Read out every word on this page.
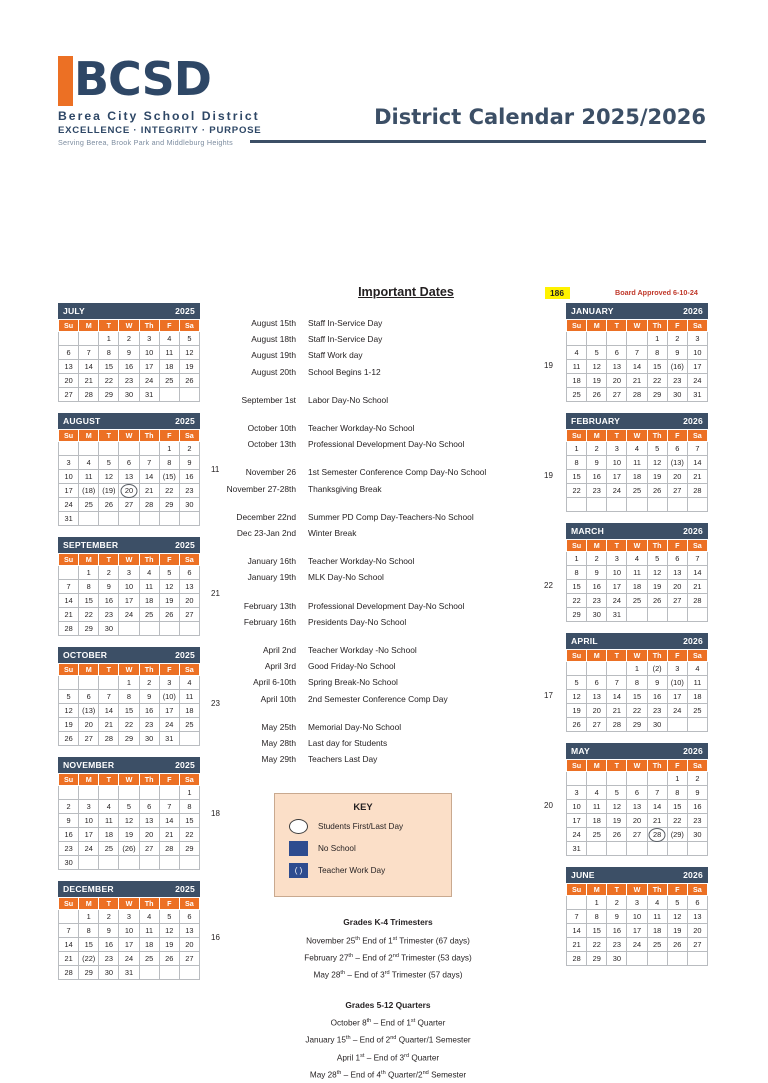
BCSD
Berea City School District
EXCELLENCE · INTEGRITY · PURPOSE
Serving Berea, Brook Park and Middleburg Heights
District Calendar 2025/2026
JULY	2025
Su	M	T	W	Th	F	Sa
		1	2	3	4	5
6	7	8	9	10	11	12
13	14	15	16	17	18	19
20	21	22	23	24	25	26
27	28	29	30	31		
AUGUST	2025
Su	M	T	W	Th	F	Sa
					1	2
3	4	5	6	7	8	9
10	11	12	13	14	(15)	16
17	(18)	(19)	20	21	22	23
24	25	26	27	28	29	30
31						
11
SEPTEMBER	2025
Su	M	T	W	Th	F	Sa
	1	2	3	4	5	6
7	8	9	10	11	12	13
14	15	16	17	18	19	20
21	22	23	24	25	26	27
28	29	30				
21
OCTOBER	2025
Su	M	T	W	Th	F	Sa
			1	2	3	4
5	6	7	8	9	(10)	11
12	(13)	14	15	16	17	18
19	20	21	22	23	24	25
26	27	28	29	30	31	
23
NOVEMBER	2025
Su	M	T	W	Th	F	Sa
						1
2	3	4	5	6	7	8
9	10	11	12	13	14	15
16	17	18	19	20	21	22
23	24	25	(26)	27	28	29
30						
18
DECEMBER	2025
Su	M	T	W	Th	F	Sa
	1	2	3	4	5	6
7	8	9	10	11	12	13
14	15	16	17	18	19	20
21	(22)	23	24	25	26	27
28	29	30	31			
16
Important Dates	186	Board Approved 6-10-24
August 15th	Staff In-Service Day
August 18th	Staff In-Service Day
August 19th	Staff Work day
August 20th	School Begins 1-12
September 1st	Labor Day-No School
October 10th	Teacher Workday-No School
October 13th	Professional Development Day-No School
November 26	1st Semester Conference Comp Day-No School
November 27-28th	Thanksgiving Break
December 22nd	Summer PD Comp Day-Teachers-No School
Dec 23-Jan 2nd	Winter Break
January 16th	Teacher Workday-No School
January 19th	MLK Day-No School
February 13th	Professional Development Day-No School
February 16th	Presidents Day-No School
April 2nd	Teacher Workday -No School
April 3rd	Good Friday-No School
April 6-10th	Spring Break-No School
April 10th	2nd Semester Conference Comp Day
May 25th	Memorial Day-No School
May 28th	Last day for Students
May 29th	Teachers Last Day
KEY
Students First/Last Day
No School
( )	Teacher Work Day
Grades K-4 Trimesters
November 25th End of 1st Trimester (67 days)
February 27th – End of 2nd Trimester (53 days)
May 28th – End of 3rd Trimester (57 days)
Grades 5-12 Quarters
October 8th – End of 1st Quarter
January 15th – End of 2nd Quarter/1 Semester
April 1st – End of 3rd Quarter
May 28th – End of 4th Quarter/2nd Semester
JANUARY	2026
Su	M	T	W	Th	F	Sa
				1	2	3
4	5	6	7	8	9	10
11	12	13	14	15	(16)	17
18	19	20	21	22	23	24
25	26	27	28	29	30	31
19
FEBRUARY	2026
Su	M	T	W	Th	F	Sa
1	2	3	4	5	6	7
8	9	10	11	12	(13)	14
15	16	17	18	19	20	21
22	23	24	25	26	27	28

19
MARCH	2026
Su	M	T	W	Th	F	Sa
1	2	3	4	5	6	7
8	9	10	11	12	13	14
15	16	17	18	19	20	21
22	23	24	25	26	27	28
29	30	31				
22
APRIL	2026
Su	M	T	W	Th	F	Sa
			1	(2)	3	4
5	6	7	8	9	(10)	11
12	13	14	15	16	17	18
19	20	21	22	23	24	25
26	27	28	29	30		
17
MAY	2026
Su	M	T	W	Th	F	Sa
					1	2
3	4	5	6	7	8	9
10	11	12	13	14	15	16
17	18	19	20	21	22	23
24	25	26	27	28	(29)	30
31						
20
JUNE	2026
Su	M	T	W	Th	F	Sa
	1	2	3	4	5	6
7	8	9	10	11	12	13
14	15	16	17	18	19	20
21	22	23	24	25	26	27
28	29	30				
